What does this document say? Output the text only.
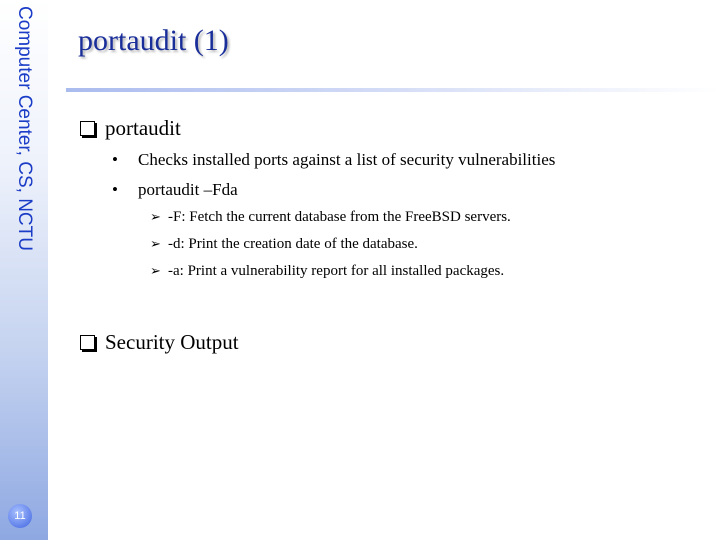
Computer Center, CS, NCTU
11
portaudit (1)
portaudit
•	Checks installed ports against a list of security vulnerabilities
•	portaudit –Fda
➢ -F: Fetch the current database from the FreeBSD servers.
➢ -d: Print the creation date of the database.
➢ -a: Print a vulnerability report for all installed packages.
Security Output
